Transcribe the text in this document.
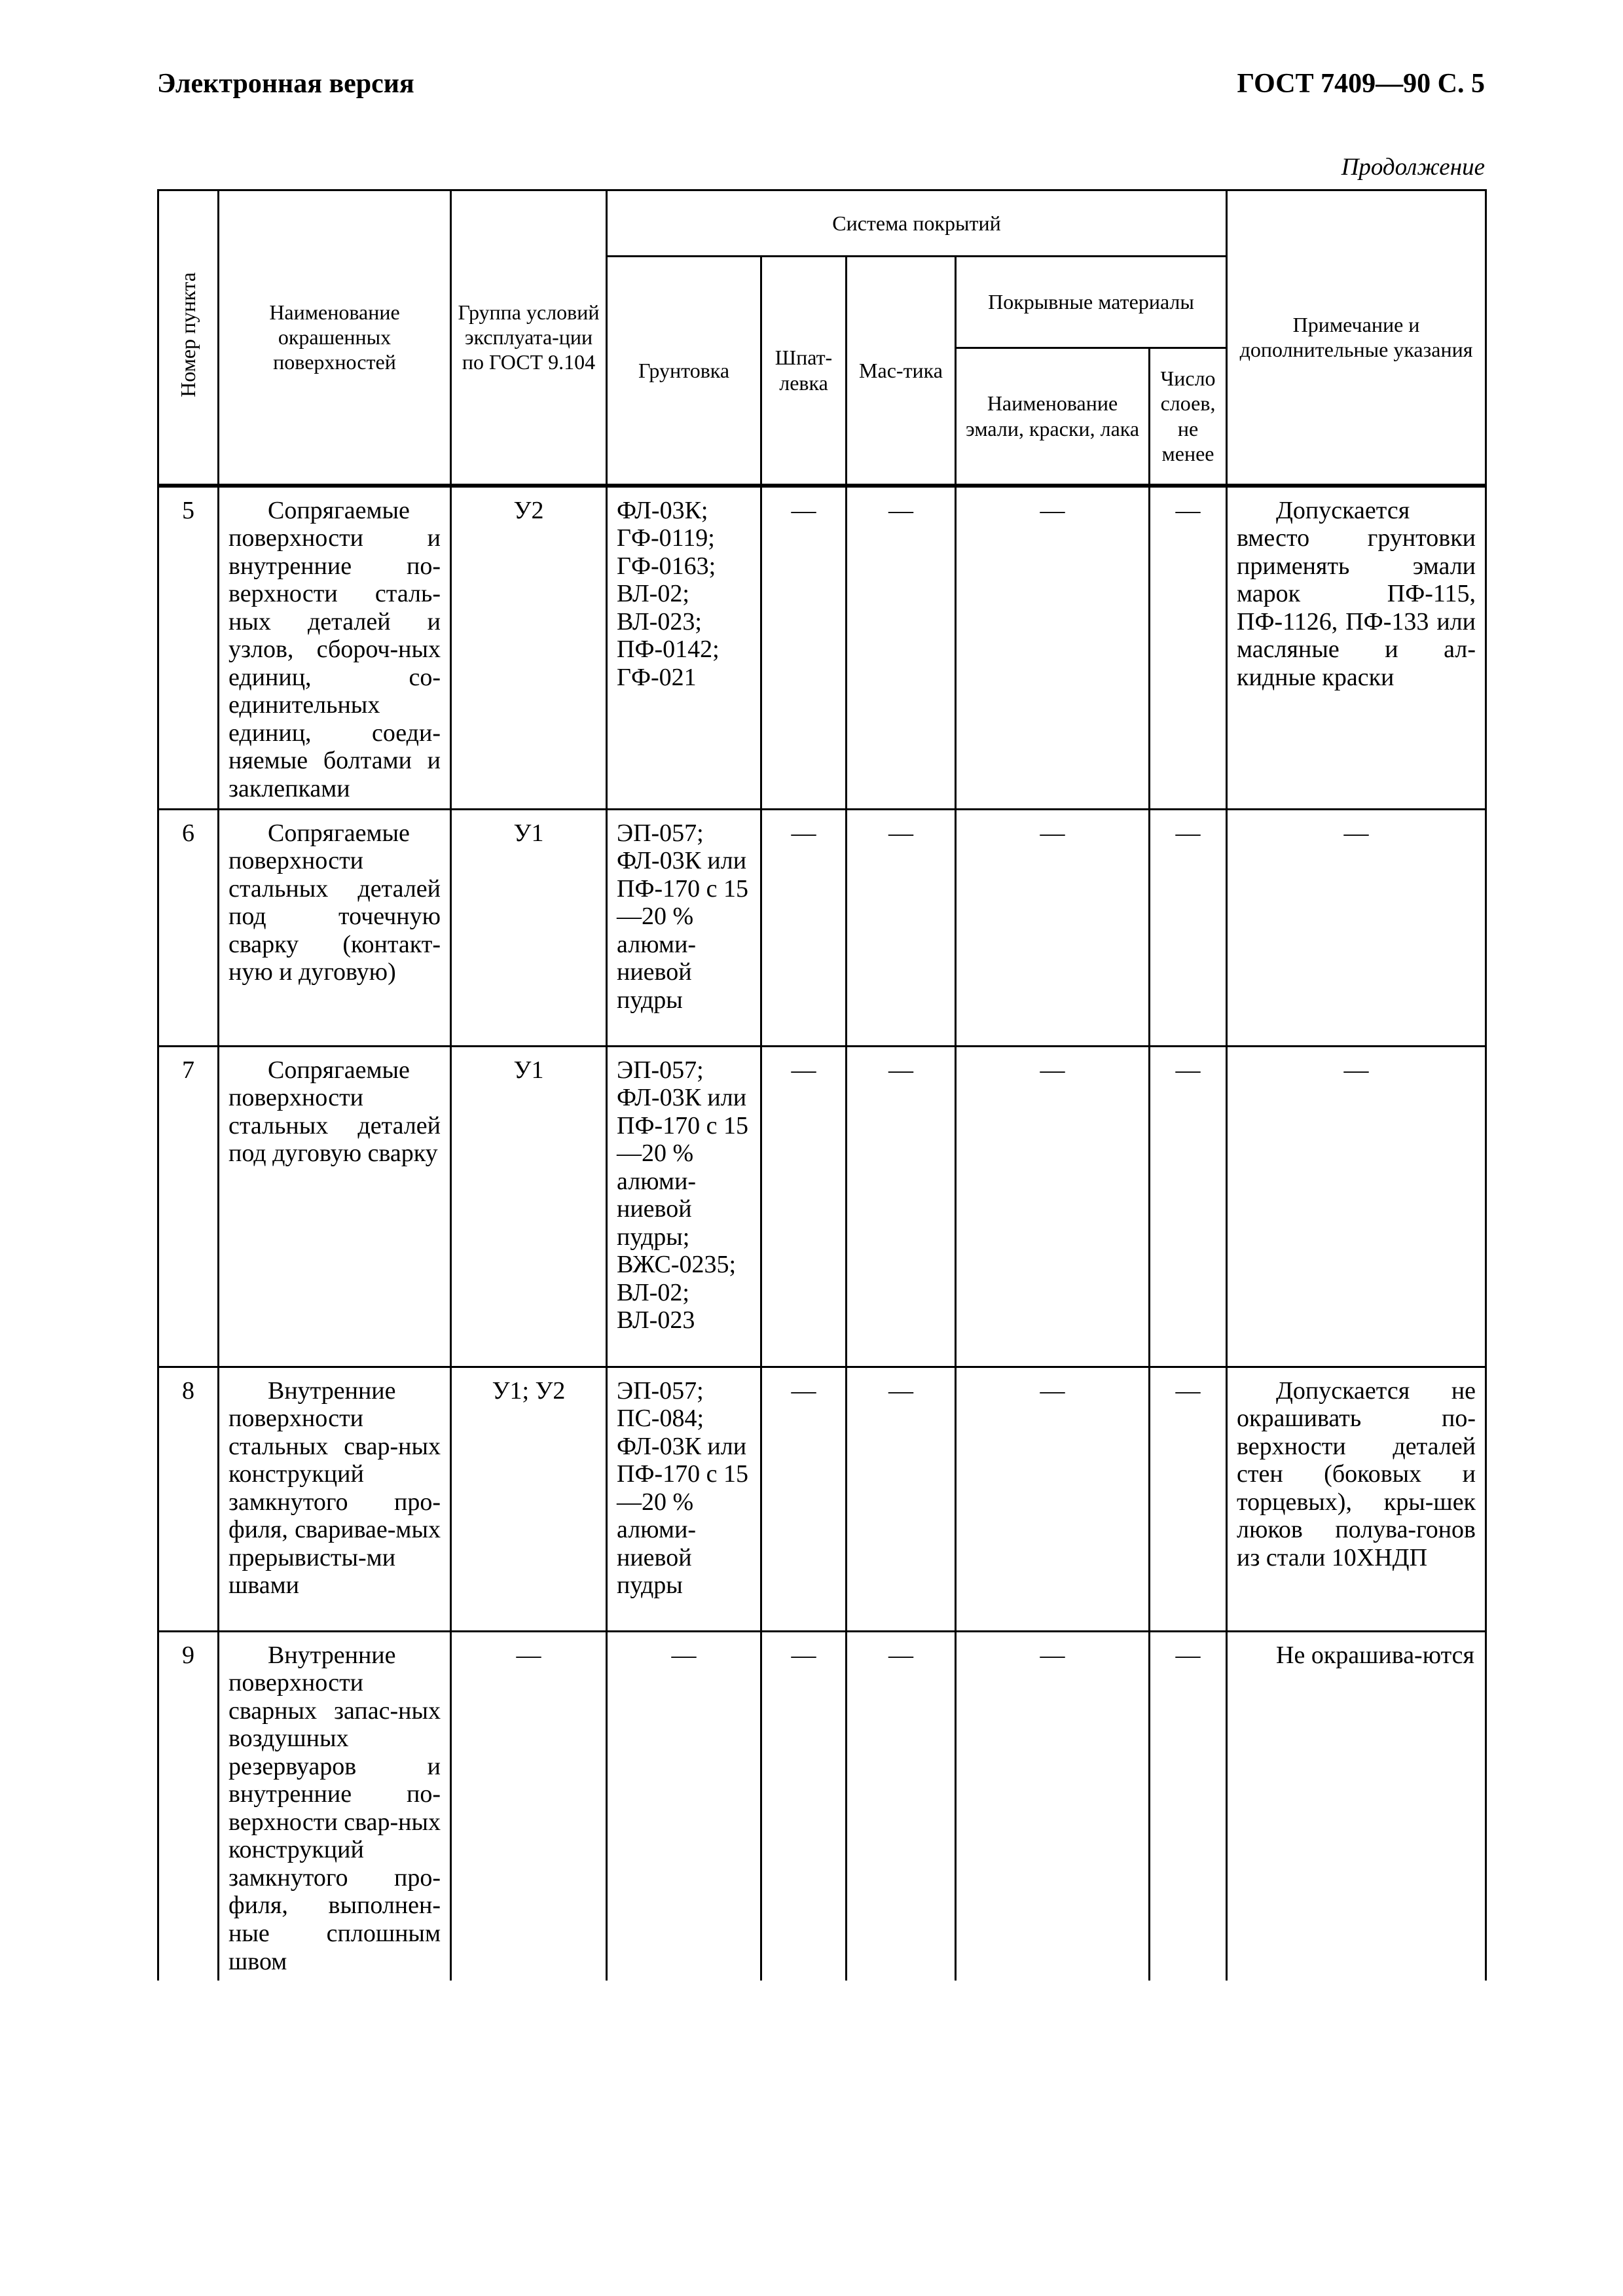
Электронная версия	ГОСТ 7409—90 С. 5
Продолжение
Номер пункта	Наименование окрашенных поверхностей	Группа условий эксплуата-ции по ГОСТ 9.104	Система покрытий					Примечание и дополнительные указания
			Грунтовка	Шпат-левка	Мас-тика	Покрывные материалы		
						Наименование эмали, краски, лака	Число слоев, не менее	
5	Сопрягаемые поверхности и внутренние по-верхности сталь-ных деталей и узлов, сбороч-ных единиц, со-единительных единиц, соеди-няемые болтами и заклепками	У2	ФЛ-03К; ГФ-0119; ГФ-0163; ВЛ-02; ВЛ-023; ПФ-0142; ГФ-021	—	—	—	—	Допускается вместо грунтовки применять эмали марок ПФ-115, ПФ-1126, ПФ-133 или масляные и ал-кидные краски
6	Сопрягаемые поверхности стальных деталей под точечную сварку (контакт-ную и дуговую)	У1	ЭП-057; ФЛ-03К или ПФ-170 с 15—20 % алюми-ниевой пудры	—	—	—	—	—
7	Сопрягаемые поверхности стальных деталей под дуговую сварку	У1	ЭП-057; ФЛ-03К или ПФ-170 с 15—20 % алюми-ниевой пудры; ВЖС-0235; ВЛ-02; ВЛ-023	—	—	—	—	—
8	Внутренние поверхности стальных свар-ных конструкций замкнутого про-филя, сваривае-мых прерывисты-ми швами	У1; У2	ЭП-057; ПС-084; ФЛ-03К или ПФ-170 с 15—20 % алюми-ниевой пудры	—	—	—	—	Допускается не окрашивать по-верхности деталей стен (боковых и торцевых), кры-шек люков полува-гонов из стали 10ХНДП
9	Внутренние поверхности сварных запас-ных воздушных резервуаров и внутренние по-верхности свар-ных конструкций замкнутого про-филя, выполнен-ные сплошным швом	—	—	—	—	—	—	Не окрашива-ются
